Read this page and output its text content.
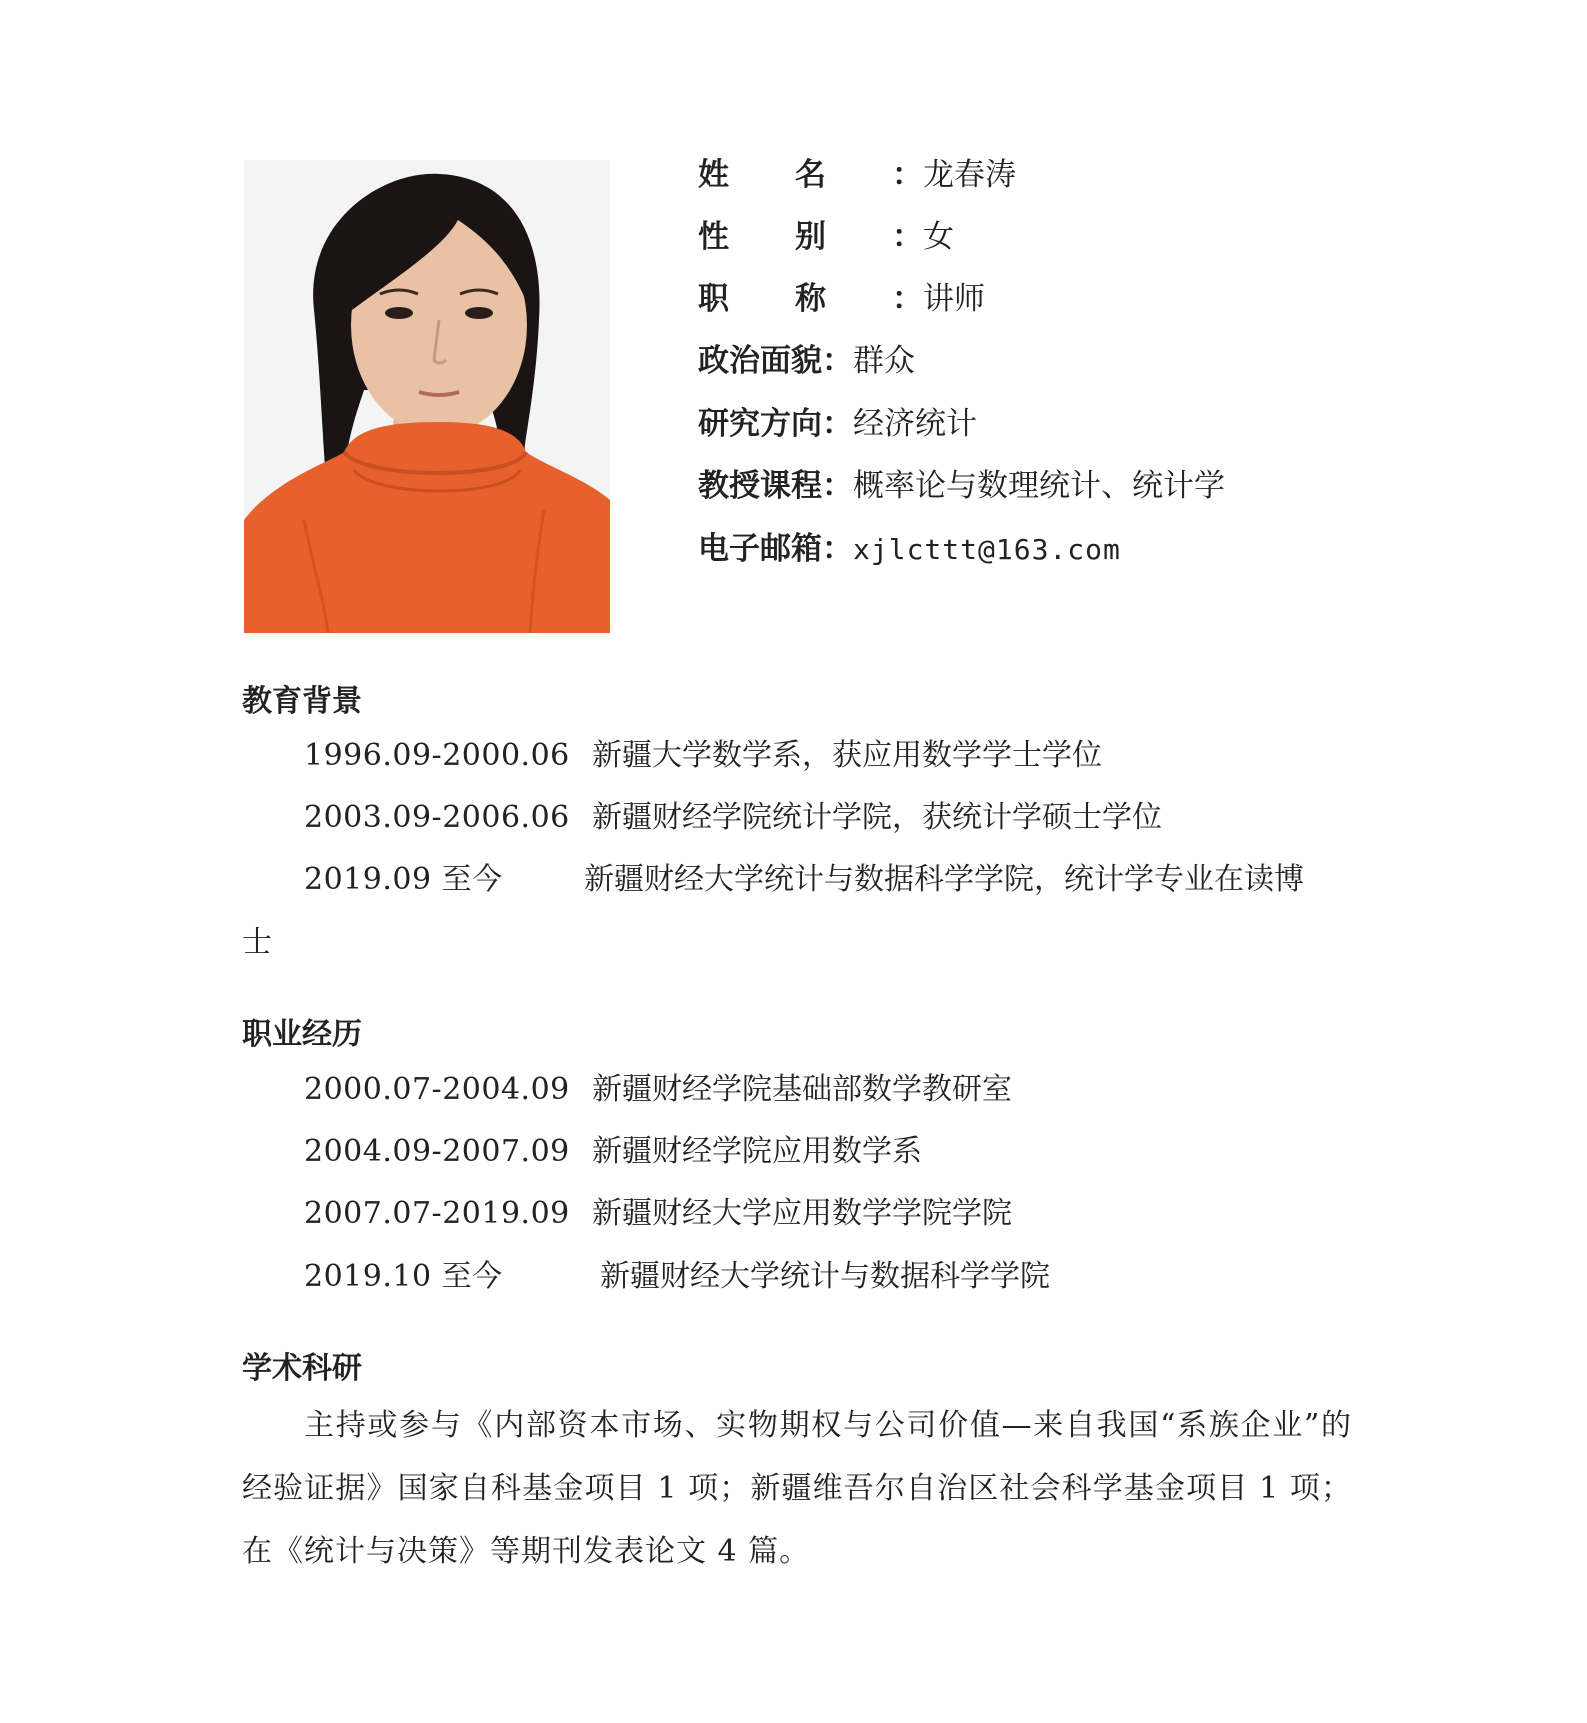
姓名：龙春涛
性别：女
职称：讲师
政治面貌：群众
研究方向：经济统计
教授课程：概率论与数理统计、统计学
电子邮箱：xjlcttt@163.com
教育背景
1996.09-2000.06 新疆大学数学系，获应用数学学士学位
2003.09-2006.06 新疆财经学院统计学院，获统计学硕士学位
2019.09 至今	新疆财经大学统计与数据科学学院，统计学专业在读博
士
职业经历
2000.07-2004.09 新疆财经学院基础部数学教研室
2004.09-2007.09 新疆财经学院应用数学系
2007.07-2019.09 新疆财经大学应用数学学院学院
2019.10 至今	新疆财经大学统计与数据科学学院
学术科研
主持或参与《内部资本市场、实物期权与公司价值—来自我国“系族企业”的经验证据》国家自科基金项目 1 项；新疆维吾尔自治区社会科学基金项目 1 项；在《统计与决策》等期刊发表论文 4 篇。
